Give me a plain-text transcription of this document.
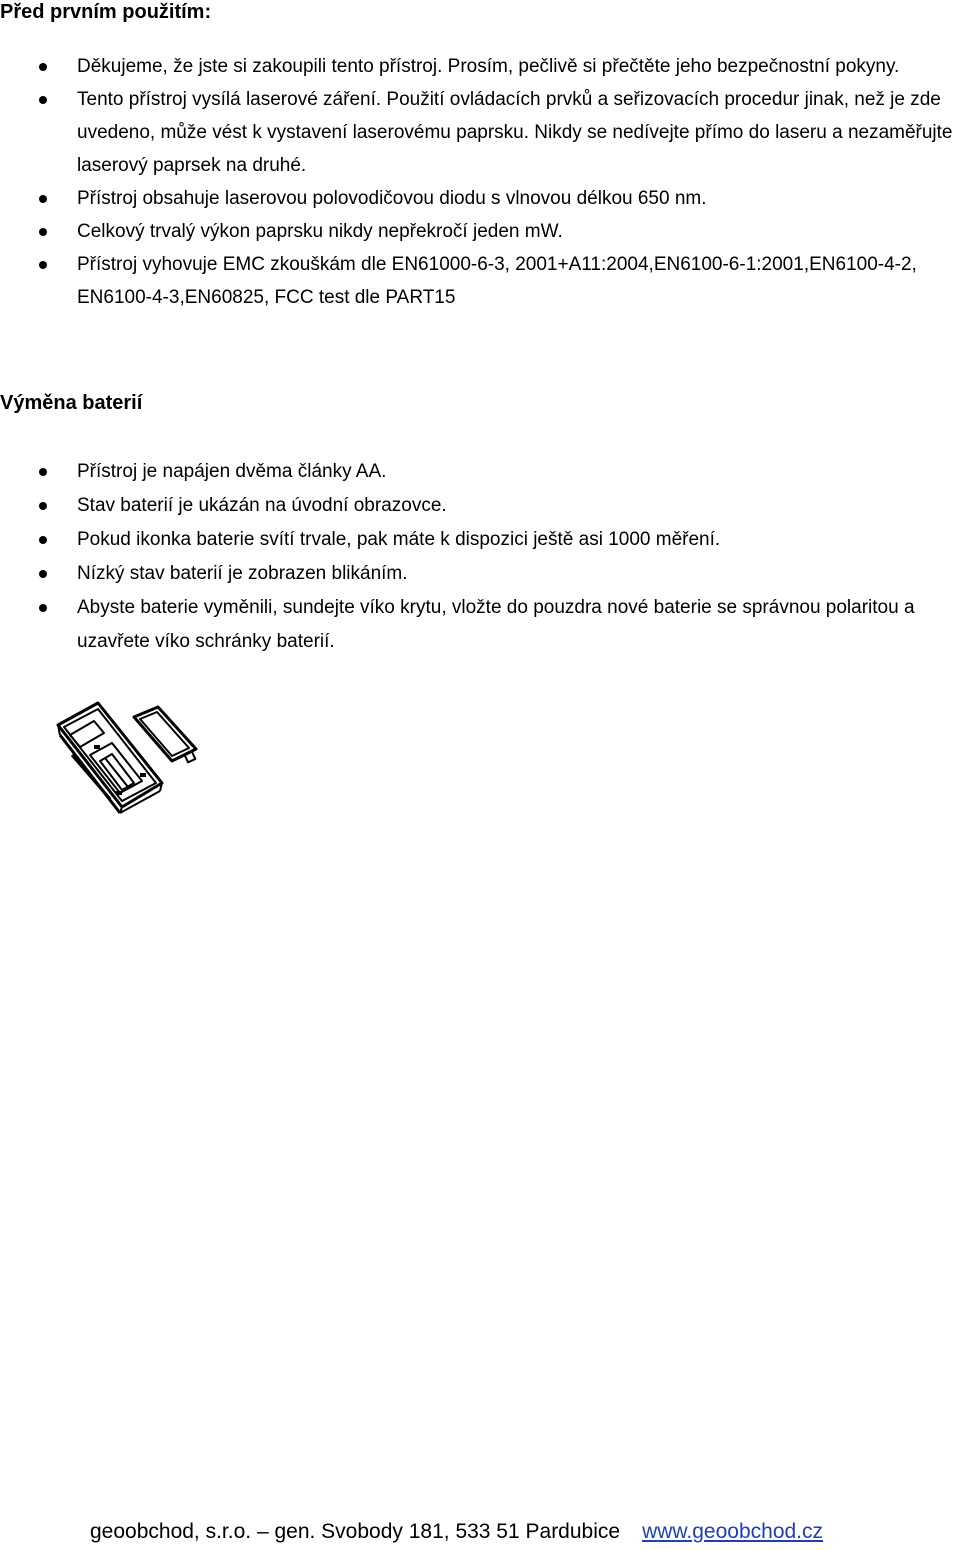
Před prvním použitím:
Děkujeme, že jste si zakoupili tento přístroj. Prosím, pečlivě si přečtěte jeho bezpečnostní pokyny.
Tento přístroj vysílá laserové záření. Použití ovládacích prvků a seřizovacích procedur jinak, než je zde uvedeno, může vést k vystavení laserovému paprsku. Nikdy se nedívejte přímo do laseru a nezaměřujte laserový paprsek na druhé.
Přístroj obsahuje laserovou polovodičovou diodu s vlnovou délkou 650 nm.
Celkový trvalý výkon paprsku nikdy nepřekročí jeden mW.
Přístroj vyhovuje EMC zkouškám dle EN61000-6-3, 2001+A11:2004,EN6100-6-1:2001,EN6100-4-2, EN6100-4-3,EN60825, FCC test dle PART15
Výměna baterií
Přístroj je napájen dvěma články AA.
Stav baterií je ukázán na úvodní obrazovce.
Pokud ikonka baterie svítí trvale, pak máte k dispozici ještě asi 1000 měření.
Nízký stav baterií je zobrazen blikáním.
Abyste baterie vyměnili, sundejte víko krytu, vložte do pouzdra nové baterie se správnou polaritou a uzavřete víko schránky baterií.
geoobchod, s.r.o. – gen. Svobody 181, 533 51 Pardubice www.geoobchod.cz
